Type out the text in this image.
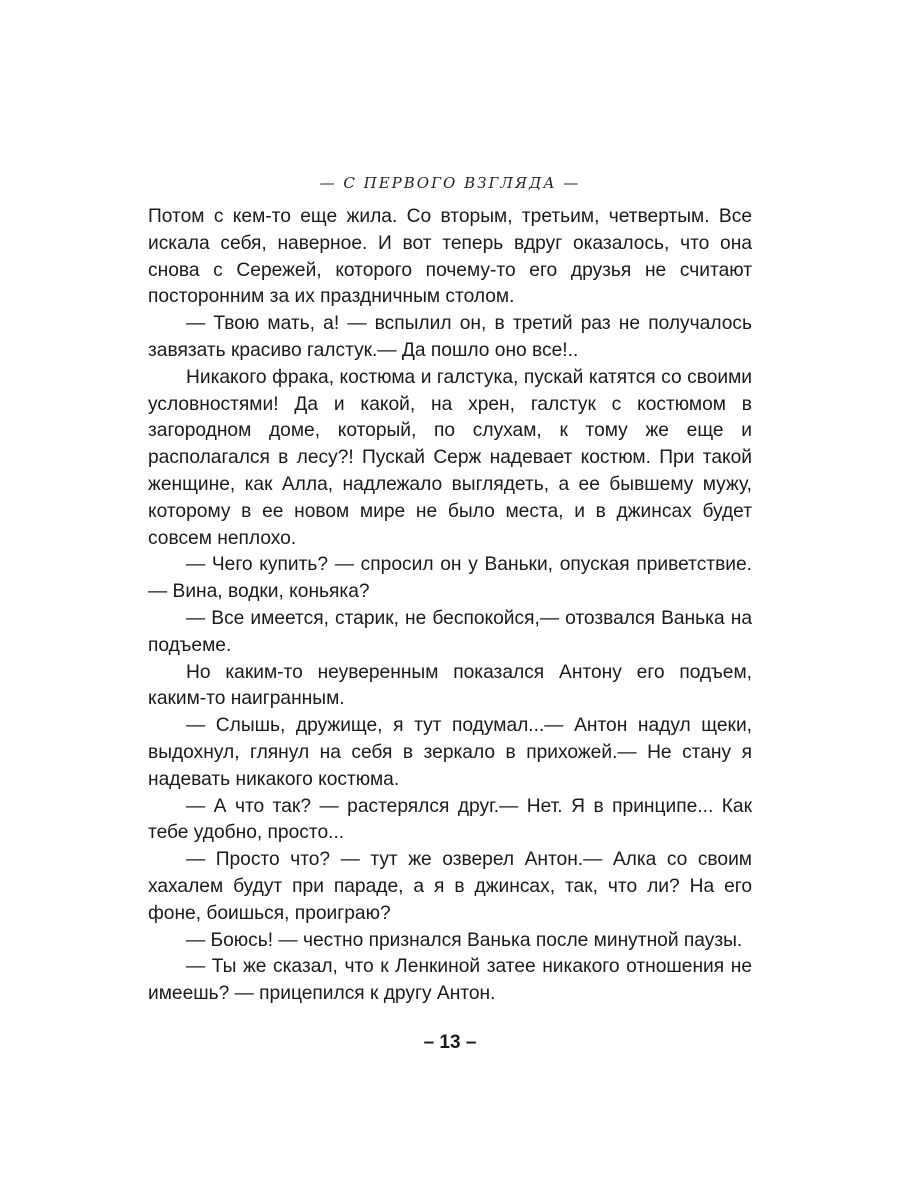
— С ПЕРВОГО ВЗГЛЯДА —

Потом с кем-то еще жила. Со вторым, третьим, четвертым. Все искала себя, наверное. И вот теперь вдруг оказалось, что она снова с Сережей, которого почему-то его друзья не считают посторонним за их праздничным столом.

— Твою мать, а! — вспылил он, в третий раз не получалось завязать красиво галстук.— Да пошло оно все!..

Никакого фрака, костюма и галстука, пускай катятся со своими условностями! Да и какой, на хрен, галстук с костюмом в загородном доме, который, по слухам, к тому же еще и располагался в лесу?! Пускай Серж надевает костюм. При такой женщине, как Алла, надлежало выглядеть, а ее бывшему мужу, которому в ее новом мире не было места, и в джинсах будет совсем неплохо.

— Чего купить? — спросил он у Ваньки, опуская приветствие.— Вина, водки, коньяка?

— Все имеется, старик, не беспокойся,— отозвался Ванька на подъеме.

Но каким-то неуверенным показался Антону его подъем, каким-то наигранным.

— Слышь, дружище, я тут подумал...— Антон надул щеки, выдохнул, глянул на себя в зеркало в прихожей.— Не стану я надевать никакого костюма.

— А что так? — растерялся друг.— Нет. Я в принципе... Как тебе удобно, просто...

— Просто что? — тут же озверел Антон.— Алка со своим хахалем будут при параде, а я в джинсах, так, что ли? На его фоне, боишься, проиграю?

— Боюсь! — честно признался Ванька после минутной паузы.

— Ты же сказал, что к Ленкиной затее никакого отношения не имеешь? — прицепился к другу Антон.

– 13 –
